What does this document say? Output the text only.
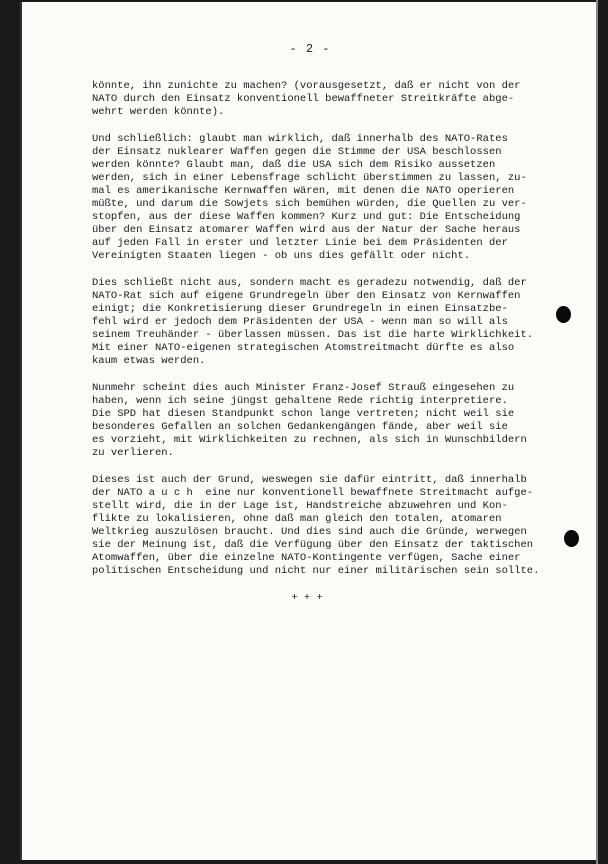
- 2 -
könnte, ihn zunichte zu machen? (vorausgesetzt, daß er nicht von der
NATO durch den Einsatz konventionell bewaffneter Streitkräfte abge-
wehrt werden könnte).
Und schließlich: glaubt man wirklich, daß innerhalb des NATO-Rates
der Einsatz nuklearer Waffen gegen die Stimme der USA beschlossen
werden könnte? Glaubt man, daß die USA sich dem Risiko aussetzen
werden, sich in einer Lebensfrage schlicht überstimmen zu lassen, zu-
mal es amerikanische Kernwaffen wären, mit denen die NATO operieren
müßte, und darum die Sowjets sich bemühen würden, die Quellen zu ver-
stopfen, aus der diese Waffen kommen? Kurz und gut: Die Entscheidung
über den Einsatz atomarer Waffen wird aus der Natur der Sache heraus
auf jeden Fall in erster und letzter Linie bei dem Präsidenten der
Vereinigten Staaten liegen - ob uns dies gefällt oder nicht.
Dies schließt nicht aus, sondern macht es geradezu notwendig, daß der
NATO-Rat sich auf eigene Grundregeln über den Einsatz von Kernwaffen
einigt; die Konkretisierung dieser Grundregeln in einen Einsatzbe-
fehl wird er jedoch dem Präsidenten der USA - wenn man so will als
seinem Treuhänder - überlassen müssen. Das ist die harte Wirklichkeit.
Mit einer NATO-eigenen strategischen Atomstreitmacht dürfte es also
kaum etwas werden.
Nunmehr scheint dies auch Minister Franz-Josef Strauß eingesehen zu
haben, wenn ich seine jüngst gehaltene Rede richtig interpretiere.
Die SPD hat diesen Standpunkt schon lange vertreten; nicht weil sie
besonderes Gefallen an solchen Gedankengängen fände, aber weil sie
es vorzieht, mit Wirklichkeiten zu rechnen, als sich in Wunschbildern
zu verlieren.
Dieses ist auch der Grund, weswegen sie dafür eintritt, daß innerhalb
der NATO a u c h  eine nur konventionell bewaffnete Streitmacht aufge-
stellt wird, die in der Lage ist, Handstreiche abzuwehren und Kon-
flikte zu lokalisieren, ohne daß man gleich den totalen, atomaren
Weltkrieg auszulösen braucht. Und dies sind auch die Gründe, werwegen
sie der Meinung ist, daß die Verfügung über den Einsatz der taktischen
Atomwaffen, über die einzelne NATO-Kontingente verfügen, Sache einer
politischen Entscheidung und nicht nur einer militärischen sein sollte.
+ + +
